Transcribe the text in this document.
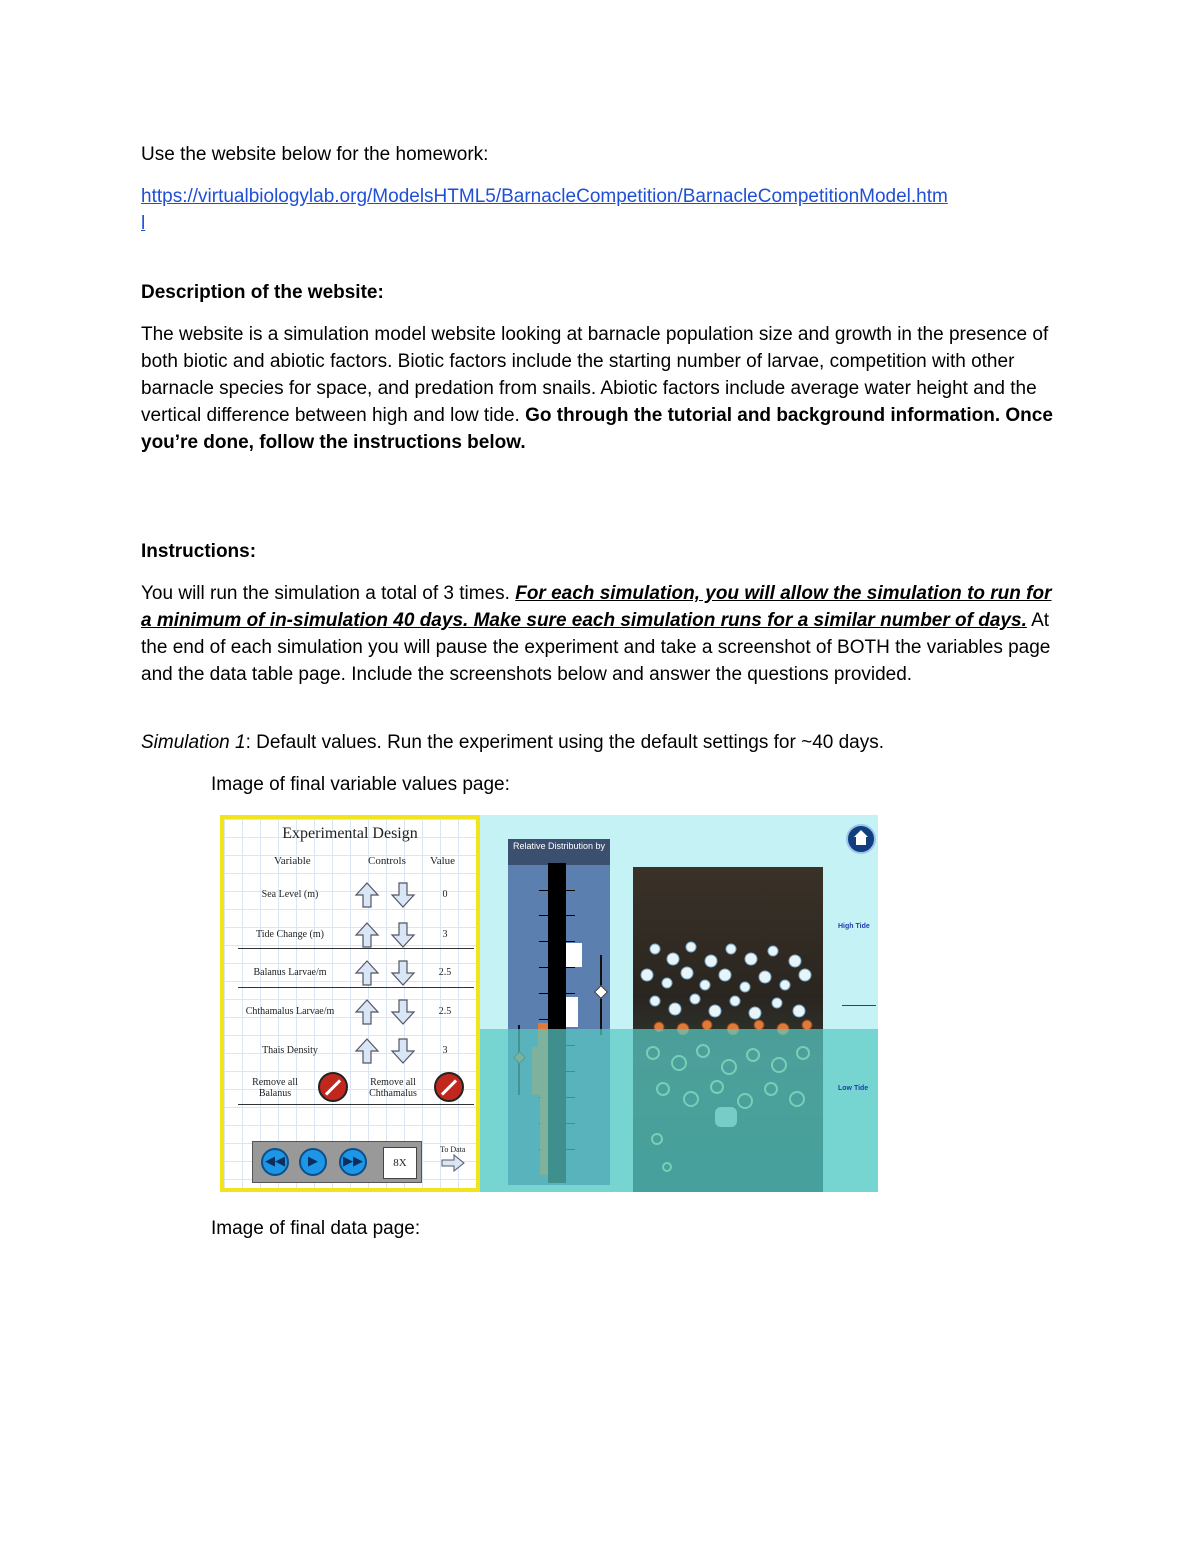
Use the website below for the homework:

https://virtualbiologylab.org/ModelsHTML5/BarnacleCompetition/BarnacleCompetitionModel.htm
l

Description of the website:

The website is a simulation model website looking at barnacle population size and growth in the presence of both biotic and abiotic factors. Biotic factors include the starting number of larvae, competition with other barnacle species for space, and predation from snails. Abiotic factors include average water height and the vertical difference between high and low tide. Go through the tutorial and background information. Once you’re done, follow the instructions below.

Instructions:

You will run the simulation a total of 3 times. For each simulation, you will allow the simulation to run for a minimum of in-simulation 40 days. Make sure each simulation runs for a similar number of days. At the end of each simulation you will pause the experiment and take a screenshot of BOTH the variables page and the data table page. Include the screenshots below and answer the questions provided.

Simulation 1: Default values. Run the experiment using the default settings for ~40 days.

Image of final variable values page:

Experimental Design
Variable	Controls Value
Sea Level (m)	0
Tide Change (m)	3
Balanus Larvae/m	2.5
Chthamalus Larvae/m	2.5
Thais Density	3
Remove all Balanus
Remove all Chthamalus
◀◀	▶	▶▶	8X
To Data
Relative Distribution by
High Tide
Low Tide

Image of final data page:
